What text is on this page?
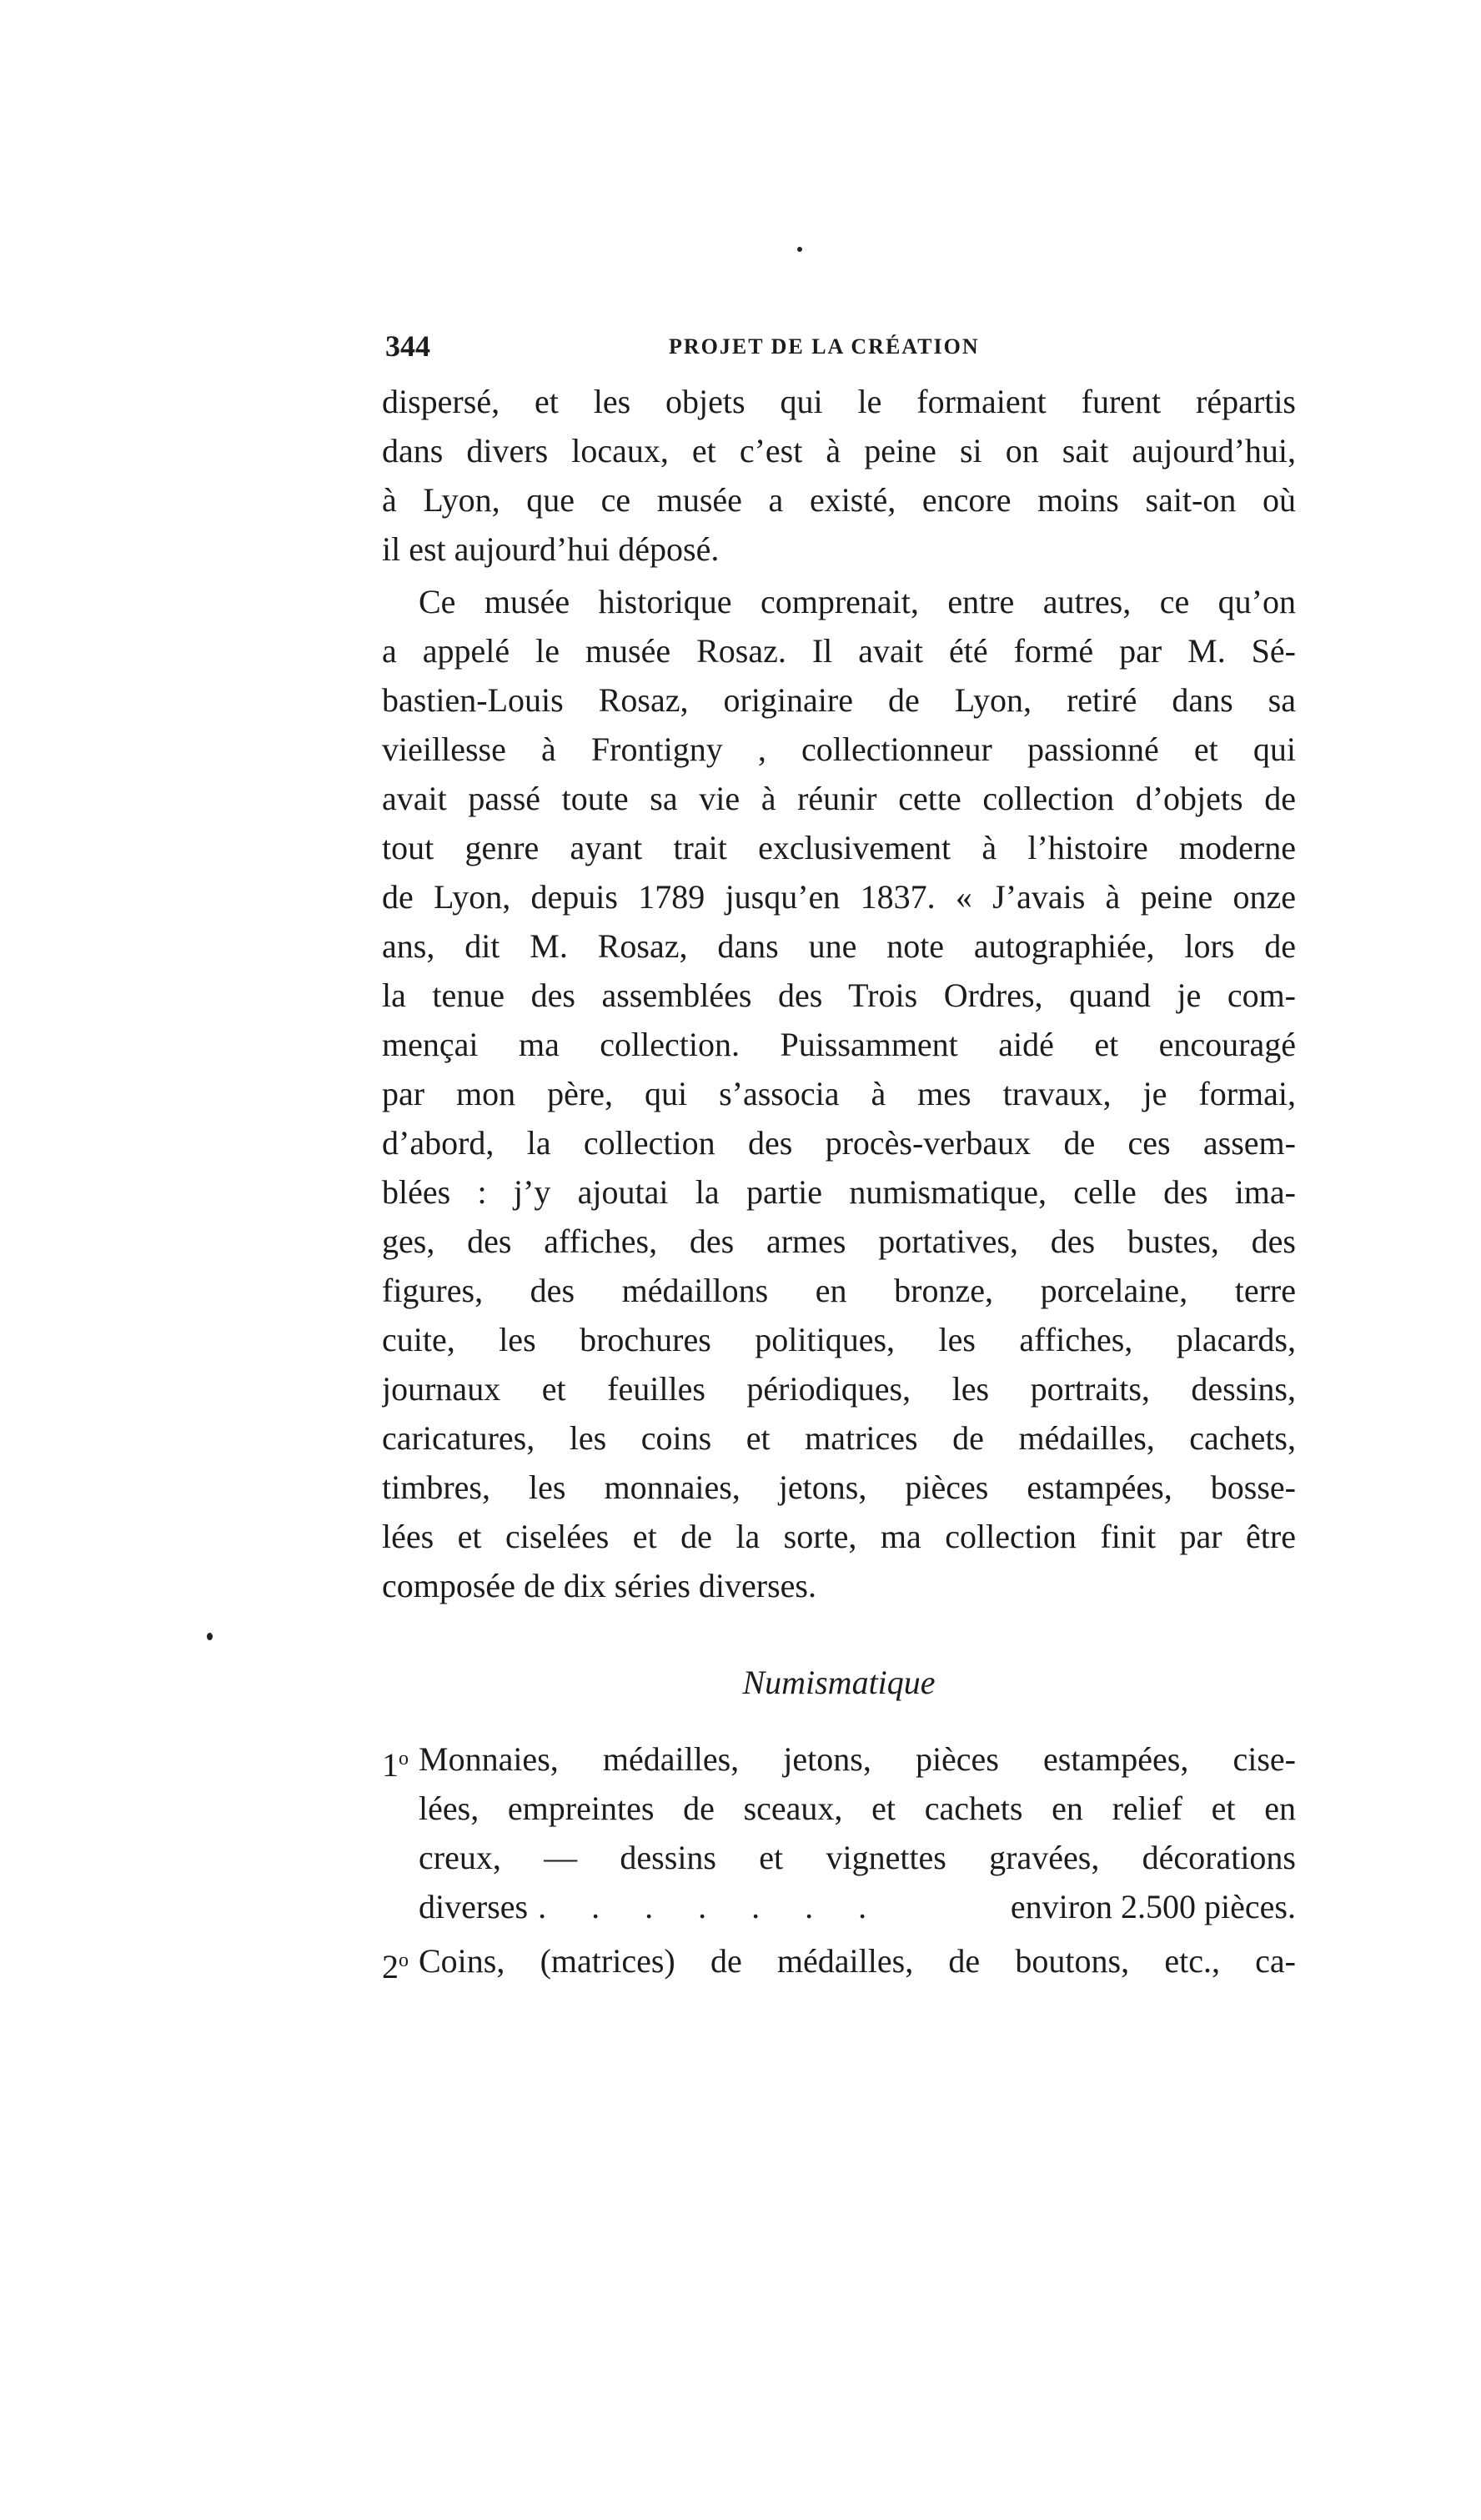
344	PROJET DE LA CRÉATION
dispersé, et les objets qui le formaient furent répartis
dans divers locaux, et c’est à peine si on sait aujourd’hui,
à Lyon, que ce musée a existé, encore moins sait-on où
il est aujourd’hui déposé.
Ce musée historique comprenait, entre autres, ce qu’on
a appelé le musée Rosaz. Il avait été formé par M. Sé-
bastien-Louis Rosaz, originaire de Lyon, retiré dans sa
vieillesse à Frontigny , collectionneur passionné et qui
avait passé toute sa vie à réunir cette collection d’objets de
tout genre ayant trait exclusivement à l’histoire moderne
de Lyon, depuis 1789 jusqu’en 1837. « J’avais à peine onze
ans, dit M. Rosaz, dans une note autographiée, lors de
la tenue des assemblées des Trois Ordres, quand je com-
mençai ma collection. Puissamment aidé et encouragé
par mon père, qui s’associa à mes travaux, je formai,
d’abord, la collection des procès-verbaux de ces assem-
blées : j’y ajoutai la partie numismatique, celle des ima-
ges, des affiches, des armes portatives, des bustes, des
figures, des médaillons en bronze, porcelaine, terre
cuite, les brochures politiques, les affiches, placards,
journaux et feuilles périodiques, les portraits, dessins,
caricatures, les coins et matrices de médailles, cachets,
timbres, les monnaies, jetons, pièces estampées, bosse-
lées et ciselées et de la sorte, ma collection finit par être
composée de dix séries diverses.
Numismatique
1$^o$ Monnaies, médailles, jetons, pièces estampées, cise-
lées, empreintes de sceaux, et cachets en relief et en
creux, — dessins et vignettes gravées, décorations
diverses . . . . . . .	environ 2.500 pièces.
2$^o$ Coins, (matrices) de médailles, de boutons, etc., ca-
